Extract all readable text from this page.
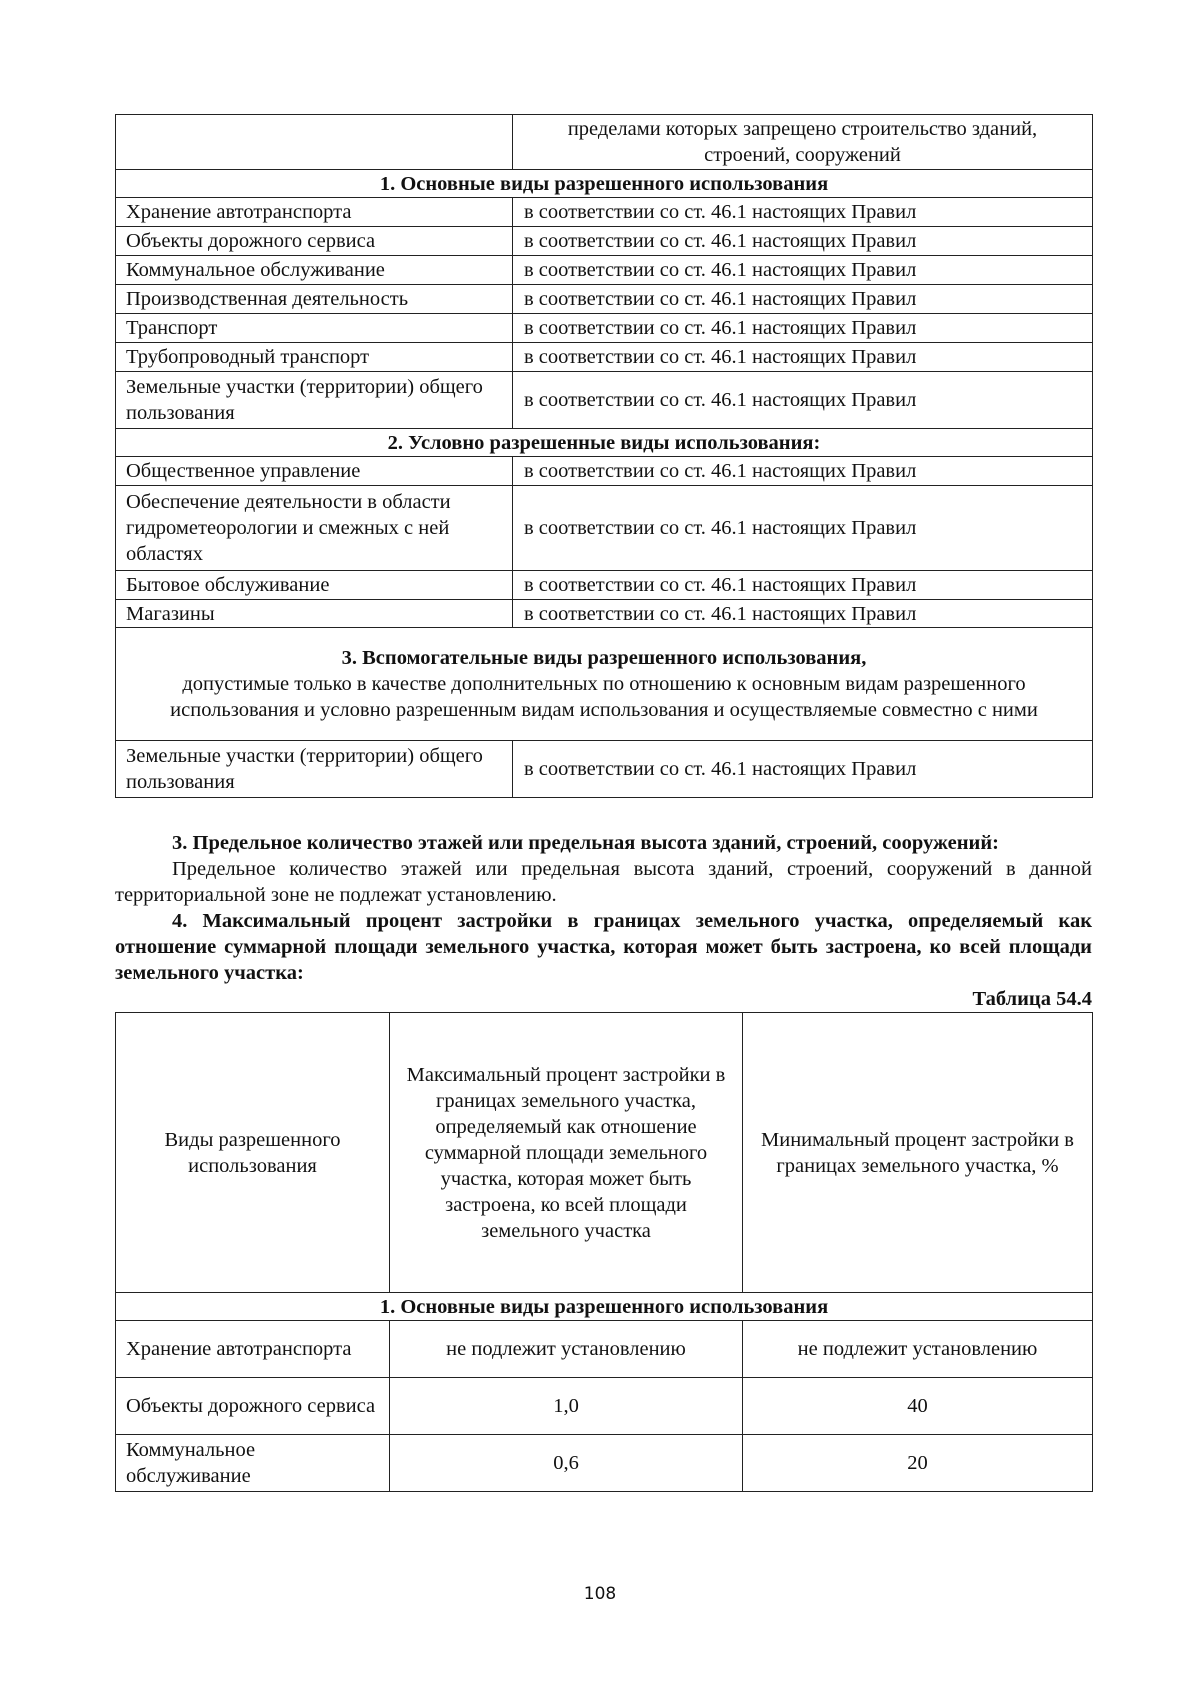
	пределами которых запрещено строительство зданий, строений, сооружений
1. Основные виды разрешенного использования	
Хранение автотранспорта	в соответствии со ст. 46.1 настоящих Правил
Объекты дорожного сервиса	в соответствии со ст. 46.1 настоящих Правил
Коммунальное обслуживание	в соответствии со ст. 46.1 настоящих Правил
Производственная деятельность	в соответствии со ст. 46.1 настоящих Правил
Транспорт	в соответствии со ст. 46.1 настоящих Правил
Трубопроводный транспорт	в соответствии со ст. 46.1 настоящих Правил
Земельные участки (территории) общего пользования	в соответствии со ст. 46.1 настоящих Правил
2. Условно разрешенные виды использования:	
Общественное управление	в соответствии со ст. 46.1 настоящих Правил
Обеспечение деятельности в области гидрометеорологии и смежных с ней областях	в соответствии со ст. 46.1 настоящих Правил
Бытовое обслуживание	в соответствии со ст. 46.1 настоящих Правил
Магазины	в соответствии со ст. 46.1 настоящих Правил

3. Вспомогательные виды разрешенного использования,
допустимые только в качестве дополнительных по отношению к основным видам разрешенного использования и условно разрешенным видам использования и осуществляемые совместно с ними	
Земельные участки (территории) общего пользования	в соответствии со ст. 46.1 настоящих Правил
3. Предельное количество этажей или предельная высота зданий, строений, сооружений:
Предельное количество этажей или предельная высота зданий, строений, сооружений в данной территориальной зоне не подлежат установлению.
4. Максимальный процент застройки в границах земельного участка, определяемый как отношение суммарной площади земельного участка, которая может быть застроена, ко всей площади земельного участка:
Таблица 54.4
Виды разрешенного использования	Максимальный процент застройки в границах земельного участка, определяемый как отношение суммарной площади земельного участка, которая может быть застроена, ко всей площади земельного участка	Минимальный процент застройки в границах земельного участка, %
1. Основные виды разрешенного использования		
Хранение автотранспорта	не подлежит установлению	не подлежит установлению
Объекты дорожного сервиса	1,0	40
Коммунальное обслуживание	0,6	20
108
